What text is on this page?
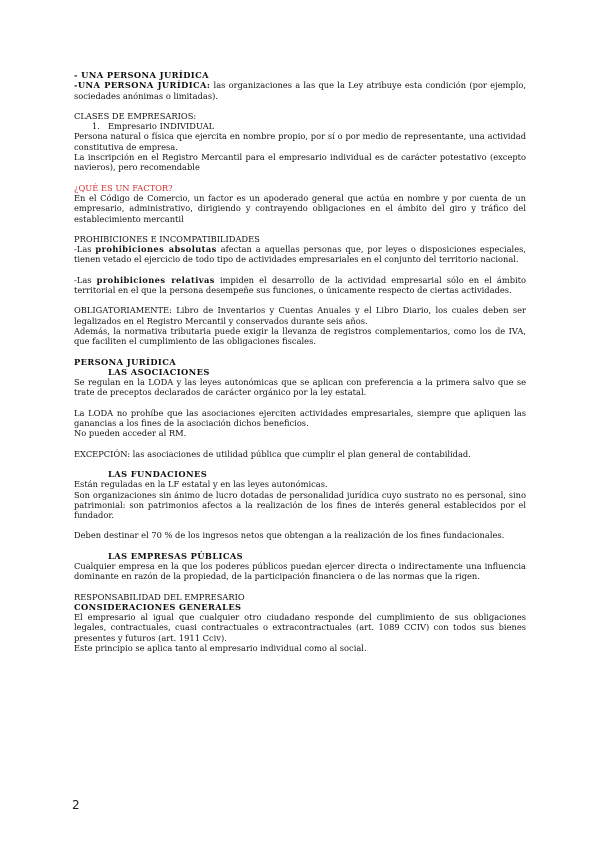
- UNA PERSONA JURÍDICA

-UNA PERSONA JURÍDICA: las organizaciones a las que la Ley atribuye esta condición (por ejemplo, sociedades anónimas o limitadas).

CLASES DE EMPRESARIOS:

1. Empresario INDIVIDUAL

Persona natural o física que ejercita en nombre propio, por sí o por medio de representante, una actividad constitutiva de empresa.

La inscripción en el Registro Mercantil para el empresario individual es de carácter potestativo (excepto navieros), pero recomendable

¿QUÉ ES UN FACTOR?

En el Código de Comercio, un factor es un apoderado general que actúa en nombre y por cuenta de un empresario, administrativo, dirigiendo y contrayendo obligaciones en el ámbito del giro y tráfico del establecimiento mercantil

PROHIBICIONES E INCOMPATIBILIDADES

-Las prohibiciones absolutas afectan a aquellas personas que, por leyes o disposiciones especiales, tienen vetado el ejercicio de todo tipo de actividades empresariales en el conjunto del territorio nacional.

-Las prohibiciones relativas impiden el desarrollo de la actividad empresarial sólo en el ámbito territorial en el que la persona desempeñe sus funciones, o únicamente respecto de ciertas actividades.

OBLIGATORIAMENTE: Libro de Inventarios y Cuentas Anuales y el Libro Diario, los cuales deben ser legalizados en el Registro Mercantil y conservados durante seis años.

Además, la normativa tributaria puede exigir la llevanza de registros complementarios, como los de IVA, que faciliten el cumplimiento de las obligaciones fiscales.

PERSONA JURÍDICA

LAS ASOCIACIONES

Se regulan en la LODA y las leyes autonómicas que se aplican con preferencia a la primera salvo que se trate de preceptos declarados de carácter orgánico por la ley estatal.

La LODA no prohíbe que las asociaciones ejerciten actividades empresariales, siempre que apliquen las ganancias a los fines de la asociación dichos beneficios.

No pueden acceder al RM.

EXCEPCIÓN: las asociaciones de utilidad pública que cumplir el plan general de contabilidad.

LAS FUNDACIONES

Están reguladas en la LF estatal y en las leyes autonómicas.

Son organizaciones sin ánimo de lucro dotadas de personalidad jurídica cuyo sustrato no es personal, sino patrimonial: son patrimonios afectos a la realización de los fines de interés general establecidos por el fundador.

Deben destinar el 70 % de los ingresos netos que obtengan a la realización de los fines fundacionales.

LAS EMPRESAS PÚBLICAS

Cualquier empresa en la que los poderes públicos puedan ejercer directa o indirectamente una influencia dominante en razón de la propiedad, de la participación financiera o de las normas que la rigen.

RESPONSABILIDAD DEL EMPRESARIO

CONSIDERACIONES GENERALES

El empresario al igual que cualquier otro ciudadano responde del cumplimiento de sus obligaciones legales, contractuales, cuasi contractuales o extracontractuales (art. 1089 CCIV) con todos sus bienes presentes y futuros (art. 1911 Cciv).

Este principio se aplica tanto al empresario individual como al social.

2
